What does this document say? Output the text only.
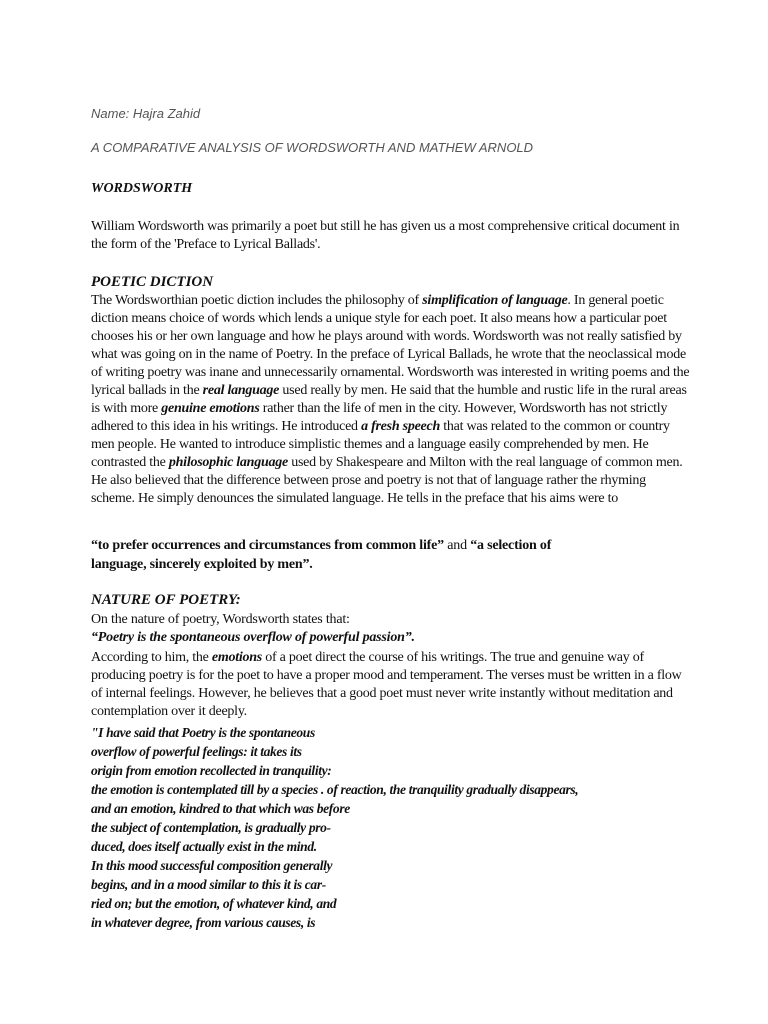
Name: Hajra Zahid
A COMPARATIVE ANALYSIS OF WORDSWORTH AND MATHEW ARNOLD
WORDSWORTH

William Wordsworth was primarily a poet but still he has given us a most comprehensive critical document in the form of the 'Preface to Lyrical Ballads'.

POETIC DICTION

The Wordsworthian poetic diction includes the philosophy of simplification of language. In general poetic diction means choice of words which lends a unique style for each poet. It also means how a particular poet chooses his or her own language and how he plays around with words. Wordsworth was not really satisfied by what was going on in the name of Poetry. In the preface of Lyrical Ballads, he wrote that the neoclassical mode of writing poetry was inane and unnecessarily ornamental. Wordsworth was interested in writing poems and the lyrical ballads in the real language used really by men. He said that the humble and rustic life in the rural areas is with more genuine emotions rather than the life of men in the city. However, Wordsworth has not strictly adhered to this idea in his writings. He introduced a fresh speech that was related to the common or country men people. He wanted to introduce simplistic themes and a language easily comprehended by men. He contrasted the philosophic language used by Shakespeare and Milton with the real language of common men. He also believed that the difference between prose and poetry is not that of language rather the rhyming scheme. He simply denounces the simulated language. He tells in the preface that his aims were to

“to prefer occurrences and circumstances from common life” and “a selection of
language, sincerely exploited by men”.
NATURE OF POETRY:
On the nature of poetry, Wordsworth states that:
“Poetry is the spontaneous overflow of powerful passion”.

According to him, the emotions of a poet direct the course of his writings. The true and genuine way of producing poetry is for the poet to have a proper mood and temperament. The verses must be written in a flow of internal feelings. However, he believes that a good poet must never write instantly without meditation and contemplation over it deeply.

"I have said that Poetry is the spontaneous
overflow of powerful feelings: it takes its
origin from emotion recollected in tranquility:
the emotion is contemplated till by a species . of reaction, the tranquility gradually disappears,
and an emotion, kindred to that which was before
the subject of contemplation, is gradually pro-
duced, does itself actually exist in the mind.
In this mood successful composition generally
begins, and in a mood similar to this it is car-
ried on; but the emotion, of whatever kind, and
in whatever degree, from various causes, is
